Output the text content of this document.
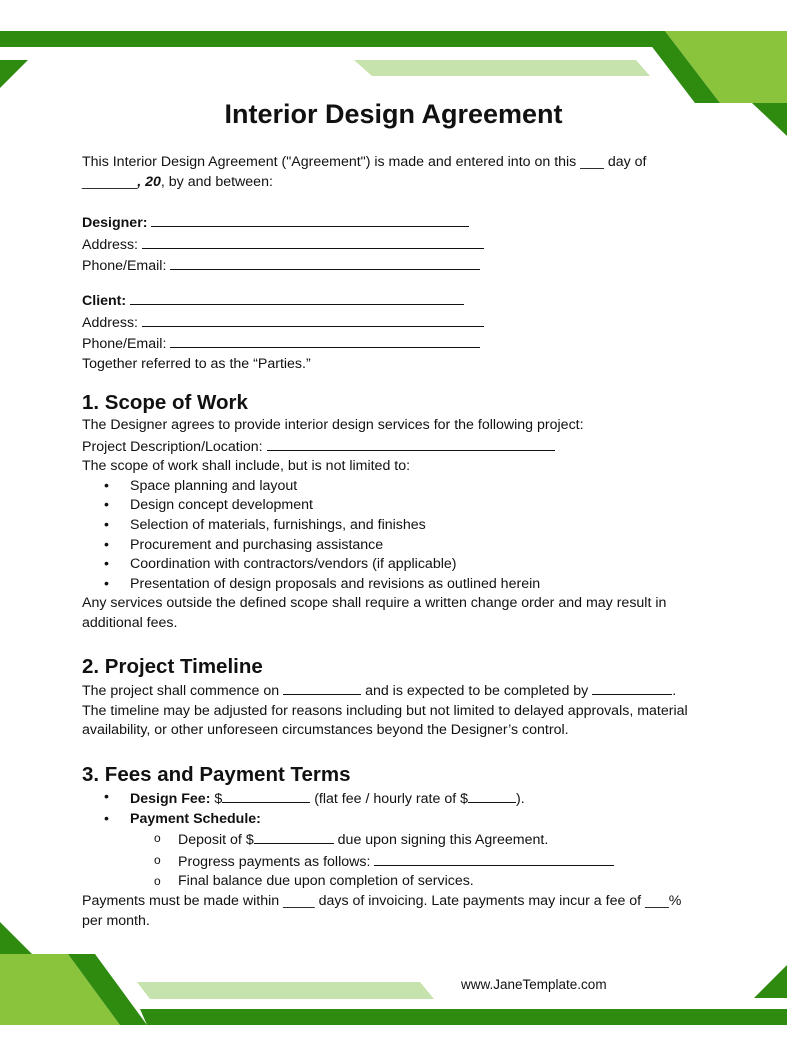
Interior Design Agreement

This Interior Design Agreement ("Agreement") is made and entered into on this ___ day of

_______, 20, by and between:

Designer:

Address:

Phone/Email:

Client:

Address:

Phone/Email:

Together referred to as the “Parties.”

1. Scope of Work

The Designer agrees to provide interior design services for the following project:

Project Description/Location:

The scope of work shall include, but is not limited to:

• Space planning and layout
• Design concept development
• Selection of materials, furnishings, and finishes
• Procurement and purchasing assistance
• Coordination with contractors/vendors (if applicable)
• Presentation of design proposals and revisions as outlined herein

Any services outside the defined scope shall require a written change order and may result in additional fees.

2. Project Timeline

The project shall commence on	and is expected to be completed by	.

The timeline may be adjusted for reasons including but not limited to delayed approvals, material availability, or other unforeseen circumstances beyond the Designer’s control.

3. Fees and Payment Terms
• Design Fee: $	(flat fee / hourly rate of $	).
• Payment Schedule:
o Deposit of $	due upon signing this Agreement.
o Progress payments as follows:
o Final balance due upon completion of services.

Payments must be made within ____ days of invoicing. Late payments may incur a fee of ___% per month.

www.JaneTemplate.com
